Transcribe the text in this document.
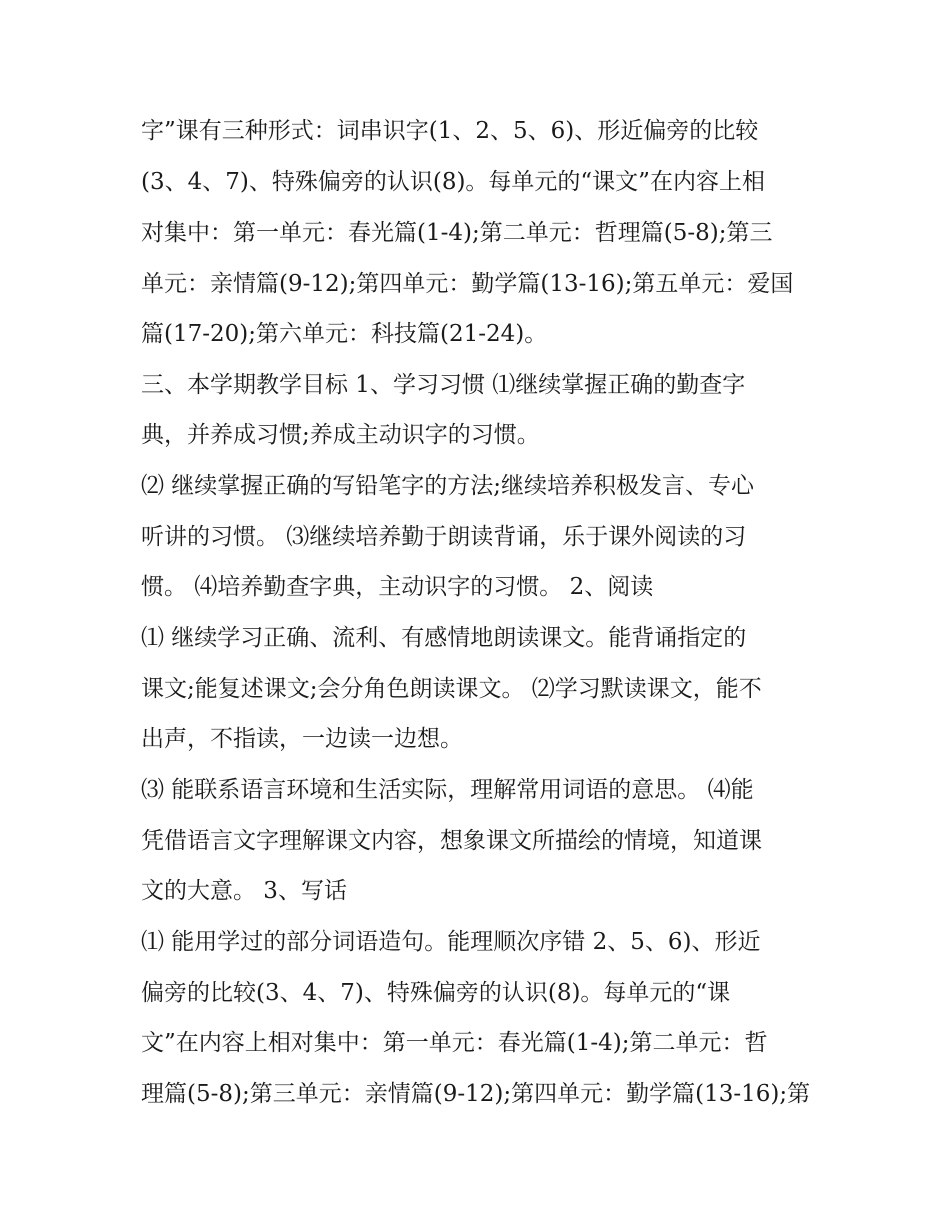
字”课有三种形式：词串识字(1、2、5、6)、形近偏旁的比较
(3、4、7)、特殊偏旁的认识(8)。每单元的“课文”在内容上相
对集中：第一单元：春光篇(1-4);第二单元：哲理篇(5-8);第三
单元：亲情篇(9-12);第四单元：勤学篇(13-16);第五单元：爱国
篇(17-20);第六单元：科技篇(21-24)。
三、本学期教学目标 1、学习习惯 ⑴继续掌握正确的勤查字
典，并养成习惯;养成主动识字的习惯。
⑵ 继续掌握正确的写铅笔字的方法;继续培养积极发言、专心
听讲的习惯。 ⑶继续培养勤于朗读背诵，乐于课外阅读的习
惯。 ⑷培养勤查字典，主动识字的习惯。 2、阅读
⑴ 继续学习正确、流利、有感情地朗读课文。能背诵指定的
课文;能复述课文;会分角色朗读课文。 ⑵学习默读课文，能不
出声，不指读，一边读一边想。
⑶ 能联系语言环境和生活实际，理解常用词语的意思。 ⑷能
凭借语言文字理解课文内容，想象课文所描绘的情境，知道课
文的大意。 3、写话
⑴ 能用学过的部分词语造句。能理顺次序错 2、5、6)、形近
偏旁的比较(3、4、7)、特殊偏旁的认识(8)。每单元的“课
文”在内容上相对集中：第一单元：春光篇(1-4);第二单元：哲
理篇(5-8);第三单元：亲情篇(9-12);第四单元：勤学篇(13-16);第
